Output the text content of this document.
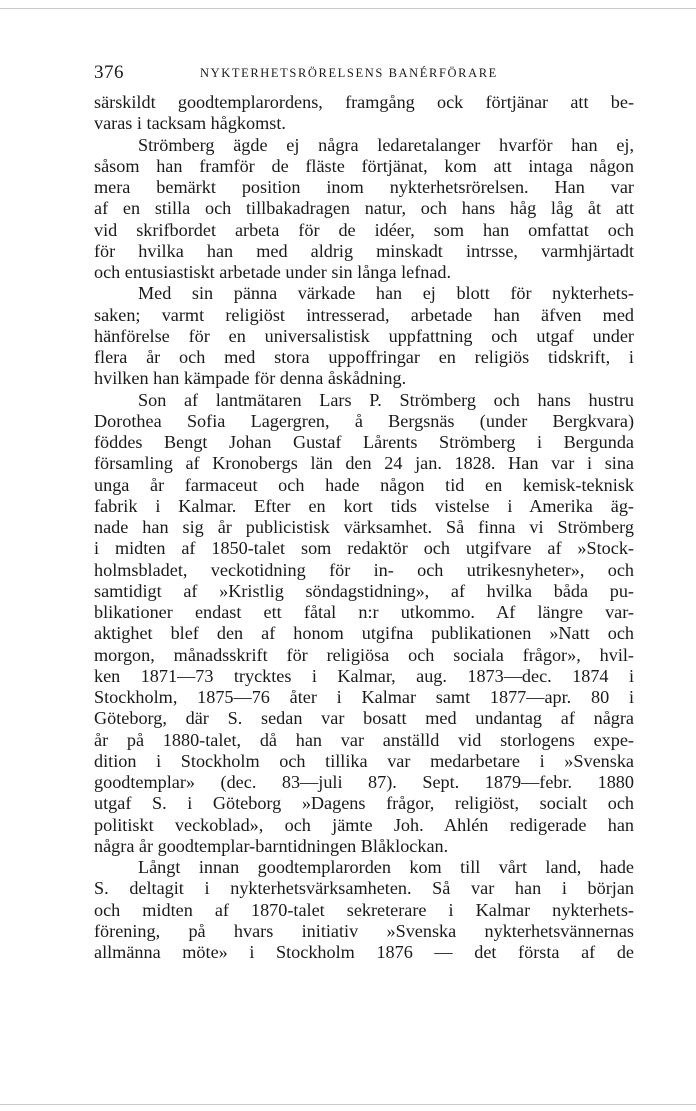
376	NYKTERHETSRÖRELSENS BANÉRFÖRARE
särskildt goodtemplarordens, framgång ock förtjänar att be-
varas i tacksam hågkomst.
Strömberg ägde ej några ledaretalanger hvarför han ej,
såsom han framför de fläste förtjänat, kom att intaga någon
mera bemärkt position inom nykterhetsrörelsen. Han var
af en stilla och tillbakadragen natur, och hans håg låg åt att
vid skrifbordet arbeta för de idéer, som han omfattat och
för hvilka han med aldrig minskadt intrsse, varmhjärtadt
och entusiastiskt arbetade under sin långa lefnad.
Med sin pänna värkade han ej blott för nykterhets-
saken; varmt religiöst intresserad, arbetade han äfven med
hänförelse för en universalistisk uppfattning och utgaf under
flera år och med stora uppoffringar en religiös tidskrift, i
hvilken han kämpade för denna åskådning.
Son af lantmätaren Lars P. Strömberg och hans hustru
Dorothea Sofia Lagergren, å Bergsnäs (under Bergkvara)
föddes Bengt Johan Gustaf Lårents Strömberg i Bergunda
församling af Kronobergs län den 24 jan. 1828. Han var i sina
unga år farmaceut och hade någon tid en kemisk-teknisk
fabrik i Kalmar. Efter en kort tids vistelse i Amerika äg-
nade han sig år publicistisk värksamhet. Så finna vi Strömberg
i midten af 1850-talet som redaktör och utgifvare af »Stock-
holmsbladet, veckotidning för in- och utrikesnyheter», och
samtidigt af »Kristlig söndagstidning», af hvilka båda pu-
blikationer endast ett fåtal n:r utkommo. Af längre var-
aktighet blef den af honom utgifna publikationen »Natt och
morgon, månadsskrift för religiösa och sociala frågor», hvil-
ken 1871—73 trycktes i Kalmar, aug. 1873—dec. 1874 i
Stockholm, 1875—76 åter i Kalmar samt 1877—apr. 80 i
Göteborg, där S. sedan var bosatt med undantag af några
år på 1880-talet, då han var anställd vid storlogens expe-
dition i Stockholm och tillika var medarbetare i »Svenska
goodtemplar» (dec. 83—juli 87). Sept. 1879—febr. 1880
utgaf S. i Göteborg »Dagens frågor, religiöst, socialt och
politiskt veckoblad», och jämte Joh. Ahlén redigerade han
några år goodtemplar-barntidningen Blåklockan.
Långt innan goodtemplarorden kom till vårt land, hade
S. deltagit i nykterhetsvärksamheten. Så var han i början
och midten af 1870-talet sekreterare i Kalmar nykterhets-
förening, på hvars initiativ »Svenska nykterhetsvännernas
allmänna möte» i Stockholm 1876 — det första af de
